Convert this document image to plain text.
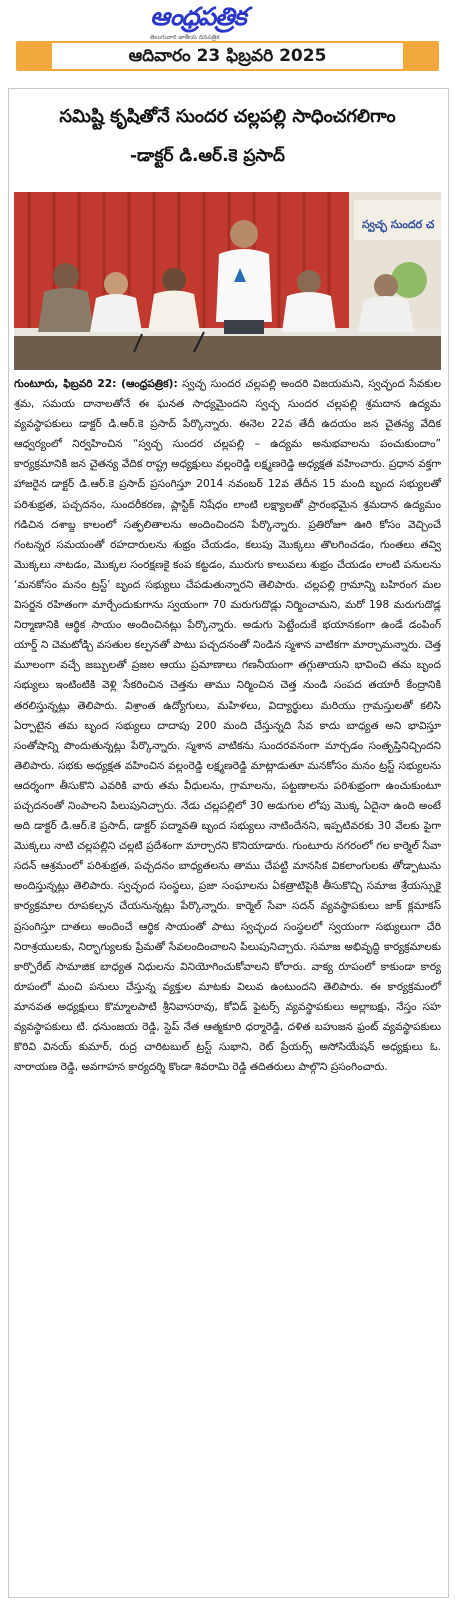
ఆంధ్రపత్రిక
తెలుగువారి జాతీయ దినపత్రిక
ఆదివారం 23 ఫిబ్రవరి 2025
సమిష్టి కృషితోనే సుందర చల్లపల్లి సాధించగలిగాం
-డాక్టర్ డి.ఆర్.కె ప్రసాద్
స్వచ్ఛ సుందర చ
గుంటూరు, ఫిబ్రవరి 22: (ఆంధ్రపత్రిక): స్వచ్ఛ సుందర చల్లపల్లి అందరి విజయమని, స్వచ్ఛంద సేవకుల శ్రమ, సమయ దానాలతోనే ఈ ఘనత సాధ్యమైందని స్వచ్ఛ సుందర చల్లపల్లి శ్రమదాన ఉద్యమ వ్యవస్థాపకులు డాక్టర్ డి.ఆర్.కె ప్రసాద్ పేర్కొన్నారు. ఈనెల 22వ తేదీ ఉదయం జన చైతన్య వేదిక ఆధ్వర్యంలో నిర్వహించిన “స్వచ్ఛ సుందర చల్లపల్లి – ఉద్యమ అనుభవాలను పంచుకుందాం” కార్యక్రమానికి జన చైతన్య వేదిక రాష్ట్ర అధ్యక్షులు వల్లంరెడ్డి లక్ష్మణరెడ్డి అధ్యక్షత వహించారు. ప్రధాన వక్తగా హాజరైన డాక్టర్ డి.ఆర్.కె ప్రసాద్ ప్రసంగిస్తూ 2014 నవంబర్ 12వ తేదీన 15 మంది బృంద సభ్యులతో పరిశుభ్రత, పచ్చదనం, సుందరీకరణ, ప్లాస్టిక్ నిషేధం లాంటి లక్ష్యాలతో ప్రారంభమైన శ్రమదాన ఉద్యమం గడిచిన దశాబ్ద కాలంలో సత్ఫలితాలను అందించిందని పేర్కొన్నారు. ప్రతిరోజూ ఊరి కోసం వెచ్చించే గంటన్నర సమయంతో రహదారులను శుభ్రం చేయడం, కలుపు మొక్కలు తొలగించడం, గుంతలు తవ్వి మొక్కలు నాటడం, మొక్కల సంరక్షణకై కంప కట్టడం, మురుగు కాలువలు శుభ్రం చేయడం లాంటి పనులను ‘మనకోసం మనం ట్రస్ట్’ బృంద సభ్యులు చేపడుతున్నారని తెలిపారు. చల్లపల్లి గ్రామాన్ని బహిరంగ మల విసర్జన రహితంగా మార్చేందుకుగాను స్వయంగా 70 మరుగుదొడ్లు నిర్మించామని, మరో 198 మరుగుదొడ్ల నిర్మాణానికి ఆర్థిక సాయం అందించినట్లు పేర్కొన్నారు. అడుగు పెట్టేందుకే భయానకంగా ఉండే డంపింగ్ యార్డ్ ని చెమటోడ్చి వసతుల కల్పనతో పాటు పచ్చదనంతో నిండిన స్మశాన వాటికగా మార్చామన్నారు. చెత్త మూలంగా వచ్చే జబ్బులతో ప్రజల ఆయు ప్రమాణాలు గణనీయంగా తగ్గుతాయని భావించి తమ బృంద సభ్యులు ఇంటింటికి వెళ్లి సేకరించిన చెత్తను తాము నిర్మించిన చెత్త నుండి సంపద తయారీ కేంద్రానికి తరలిస్తున్నట్లు తెలిపారు. విశ్రాంత ఉద్యోగులు, మహిళలు, విద్యార్థులు మరియు గ్రామస్తులతో కలిసి ఏర్పాటైన తమ బృంద సభ్యులు దాదాపు 200 మంది చేస్తున్నది సేవ కాదు బాధ్యత అని భావిస్తూ సంతోషాన్ని పొందుతున్నట్లు పేర్కొన్నారు. స్మశాన వాటికను సుందరవనంగా మార్చడం సంతృప్తినిచ్చిందని తెలిపారు. సభకు అధ్యక్షత వహించిన వల్లంరెడ్డి లక్ష్మణరెడ్డి మాట్లాడుతూ మనకోసం మనం ట్రస్ట్ సభ్యులను ఆదర్శంగా తీసుకొని ఎవరికి వారు తమ వీధులను, గ్రామాలను, పట్టణాలను పరిశుభ్రంగా ఉంచుకుంటూ పచ్చదనంతో నింపాలని పిలుపునిచ్చారు. నేడు చల్లపల్లిలో 30 అడుగుల లోపు మొక్క ఏదైనా ఉంది అంటే అది డాక్టర్ డి.ఆర్.కె ప్రసాద్, డాక్టర్ పద్మావతి బృంద సభ్యులు నాటిందేనని, ఇప్పటివరకు 30 వేలకు పైగా మొక్కలు నాటి చల్లపల్లిని చల్లటి ప్రదేశంగా మార్చారని కొనియాడారు. గుంటూరు నగరంలో గల కార్మెల్ సేవా సదన్ ఆశ్రమంలో పరిశుభ్రత, పచ్చదనం బాధ్యతలను తాము చేపట్టి మానసిక వికలాంగులకు తోడ్పాటును అందిస్తున్నట్లు తెలిపారు. స్వచ్ఛంద సంస్థలు, ప్రజా సంఘాలను ఏకత్రాటిపైకి తీసుకొచ్చి సమాజ శ్రేయస్సుకై కార్యక్రమాల రూపకల్పన చేయనున్నట్లు పేర్కొన్నారు. కార్మెల్ సేవా సదన్ వ్యవస్థాపకులు జాక్ క్లమాకస్ ప్రసంగిస్తూ దాతలు అందించే ఆర్థిక సాయంతో పాటు స్వచ్ఛంద సంస్థలలో స్వయంగా సభ్యులుగా చేరి నిరాశ్రయులకు, నిర్భాగ్యులకు ప్రేమతో సేవలందించాలని పిలుపునిచ్చారు. సమాజ అభివృద్ధి కార్యక్రమాలకు కార్పొరేట్ సామాజిక బాధ్యత నిధులను వినియోగించుకోవాలని కోరారు. వాక్య రూపంలో కాకుండా కార్య రూపంలో మంచి పనులు చేస్తున్న వ్యక్తుల మాటకు విలువ ఉంటుందని తెలిపారు. ఈ కార్యక్రమంలో మానవత అధ్యక్షులు కొమ్మాలపాటి శ్రీనివాసరావు, కోవిడ్ ఫైటర్స్ వ్యవస్థాపకులు అల్లాబక్షు, నేస్తం సహ వ్యవస్థాపకులు టి. ధనుంజయ రెడ్డి, స్టెప్ నేత ఆత్మకూరి ధర్మారెడ్డి, దళిత బహుజన ఫ్రంట్ వ్యవస్థాపకులు కొరివి వినయ్ కుమార్, రుద్ర చారిటబుల్ ట్రస్ట్ సుభాని, రెట్ ప్రేయర్స్ అసోసియేషన్ అధ్యక్షులు ఓ. నారాయణ రెడ్డి, అవగాహన కార్యదర్శి కొండా శివరామి రెడ్డి తదితరులు పాల్గొని ప్రసంగించారు.
